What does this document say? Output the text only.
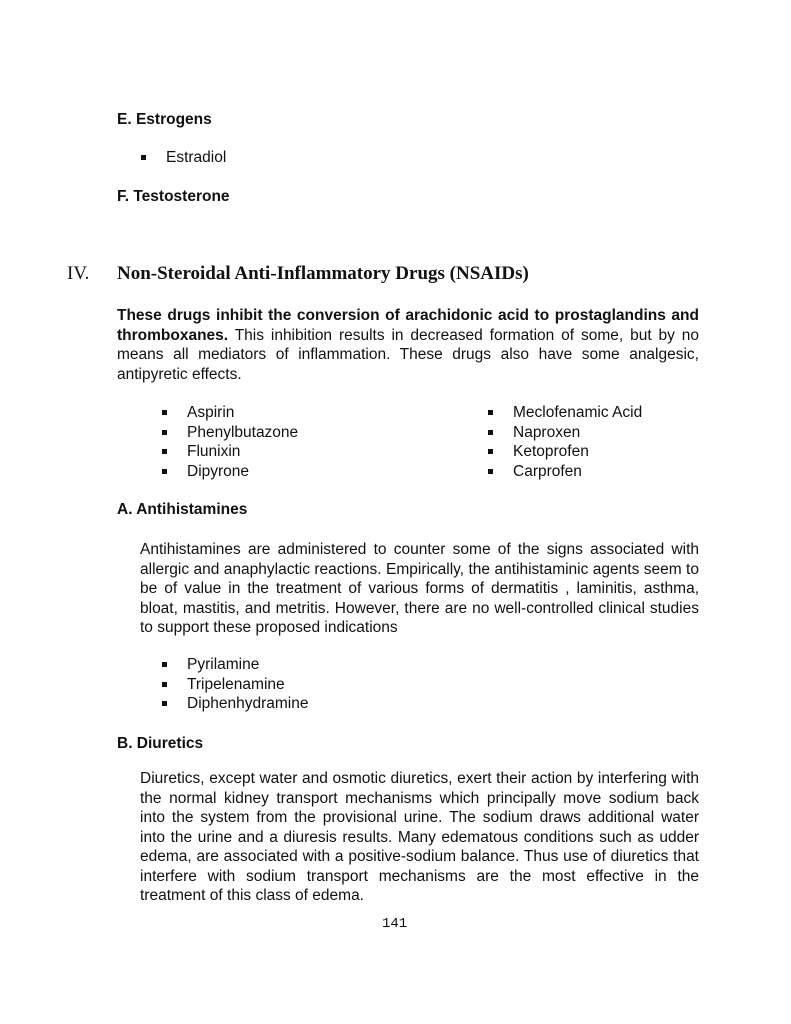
E. Estrogens
Estradiol
F. Testosterone
IV. Non-Steroidal Anti-Inflammatory Drugs (NSAIDs)
These drugs inhibit the conversion of arachidonic acid to prostaglandins and thromboxanes. This inhibition results in decreased formation of some, but by no means all mediators of inflammation. These drugs also have some analgesic, antipyretic effects.
Aspirin
Phenylbutazone
Flunixin
Dipyrone
Meclofenamic Acid
Naproxen
Ketoprofen
Carprofen
A. Antihistamines
Antihistamines are administered to counter some of the signs associated with allergic and anaphylactic reactions. Empirically, the antihistaminic agents seem to be of value in the treatment of various forms of dermatitis , laminitis, asthma, bloat, mastitis, and metritis. However, there are no well-controlled clinical studies to support these proposed indications
Pyrilamine
Tripelenamine
Diphenhydramine
B. Diuretics
Diuretics, except water and osmotic diuretics, exert their action by interfering with the normal kidney transport mechanisms which principally move sodium back into the system from the provisional urine. The sodium draws additional water into the urine and a diuresis results. Many edematous conditions such as udder edema, are associated with a positive-sodium balance. Thus use of diuretics that interfere with sodium transport mechanisms are the most effective in the treatment of this class of edema.
141
